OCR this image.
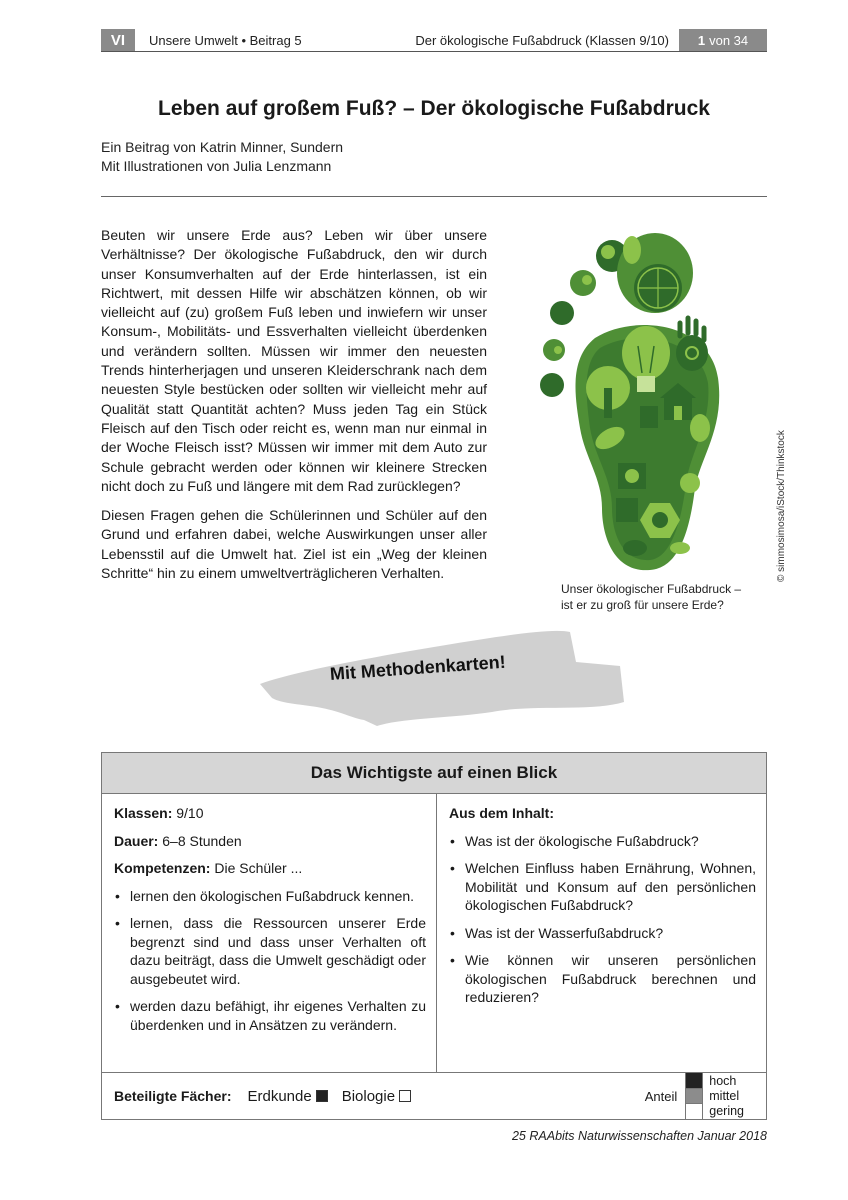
VI	Unsere Umwelt • Beitrag 5	Der ökologische Fußabdruck (Klassen 9/10)	1 von 34
Leben auf großem Fuß? – Der ökologische Fußabdruck
Ein Beitrag von Katrin Minner, Sundern
Mit Illustrationen von Julia Lenzmann

Beuten wir unsere Erde aus? Leben wir über unsere Verhältnisse? Der ökologische Fußabdruck, den wir durch unser Konsumverhalten auf der Erde hinterlassen, ist ein Richtwert, mit dessen Hilfe wir abschätzen können, ob wir vielleicht auf (zu) großem Fuß leben und inwiefern wir unser Konsum-, Mobilitäts- und Essverhalten vielleicht überdenken und verändern sollten. Müssen wir immer den neuesten Trends hinterherjagen und unseren Kleiderschrank nach dem neuesten Style bestücken oder sollten wir vielleicht mehr auf Qualität statt Quantität achten? Muss jeden Tag ein Stück Fleisch auf den Tisch oder reicht es, wenn man nur einmal in der Woche Fleisch isst? Müssen wir immer mit dem Auto zur Schule gebracht werden oder können wir kleinere Strecken nicht doch zu Fuß und längere mit dem Rad zurücklegen?

Diesen Fragen gehen die Schülerinnen und Schüler auf den Grund und erfahren dabei, welche Auswirkungen unser aller Lebensstil auf die Umwelt hat. Ziel ist ein „Weg der kleinen Schritte“ hin zu einem umweltverträglicheren Verhalten.

Unser ökologischer Fußabdruck –
ist er zu groß für unsere Erde?
© simmosimosa/iStock/Thinkstock
Mit Methodenkarten!
Das Wichtigste auf einen Blick
Klassen: 9/10
Dauer: 6–8 Stunden
Kompetenzen: Die Schüler ...
• lernen den ökologischen Fußabdruck kennen.
• lernen, dass die Ressourcen unserer Erde begrenzt sind und dass unser Verhalten oft dazu beiträgt, dass die Umwelt geschädigt oder ausgebeutet wird.
• werden dazu befähigt, ihr eigenes Verhalten zu überdenken und in Ansätzen zu verändern.
Aus dem Inhalt:
• Was ist der ökologische Fußabdruck?
• Welchen Einfluss haben Ernährung, Wohnen, Mobilität und Konsum auf den persönlichen ökologischen Fußabdruck?
• Was ist der Wasserfußabdruck?
• Wie können wir unseren persönlichen ökologischen Fußabdruck berechnen und reduzieren?
Beteiligte Fächer: Erdkunde Biologie	Anteil
hoch
mittel
gering
25 RAAbits Naturwissenschaften Januar 2018
